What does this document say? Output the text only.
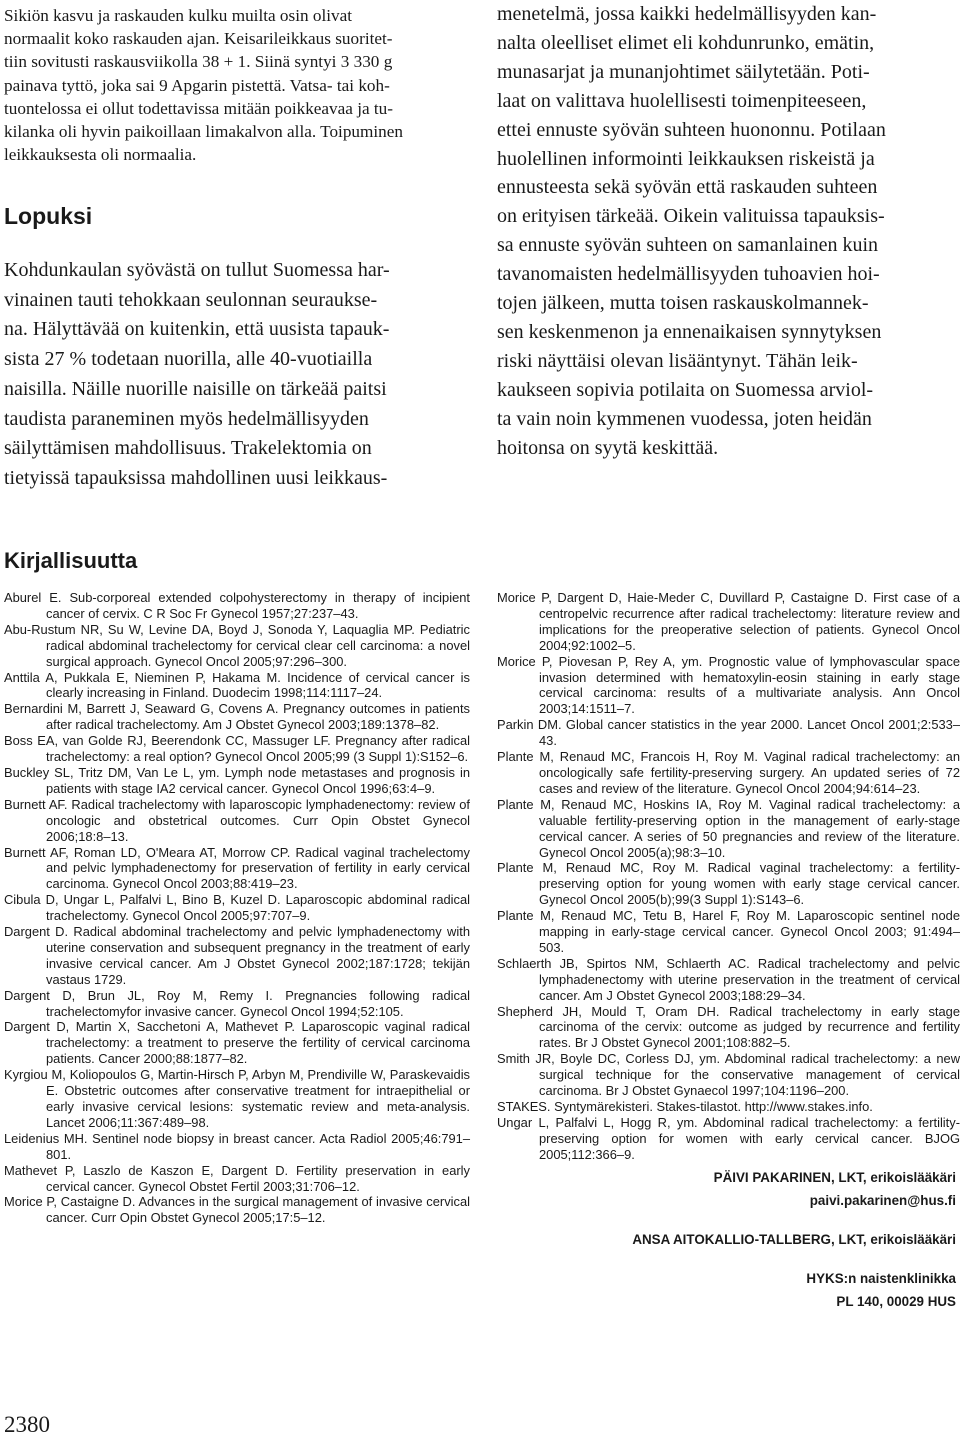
Sikiön kasvu ja raskauden kulku muilta osin olivat
normaalit koko raskauden ajan. Keisarileikkaus suoritet-
tiin sovitusti raskausviikolla 38 + 1. Siinä syntyi 3 330 g
painava tyttö, joka sai 9 Apgarin pistettä. Vatsa- tai koh-
tuontelossa ei ollut todettavissa mitään poikkeavaa ja tu-
kilanka oli hyvin paikoillaan limakalvon alla. Toipuminen
leikkauksesta oli normaalia.
Lopuksi
Kohdunkaulan syövästä on tullut Suomessa har-
vinainen tauti tehokkaan seulonnan seuraukse-
na. Hälyttävää on kuitenkin, että uusista tapauk-
sista 27 % todetaan nuorilla, alle 40-vuotiailla
naisilla. Näille nuorille naisille on tärkeää paitsi
taudista paraneminen myös hedelmällisyyden
säilyttämisen mahdollisuus. Trakelektomia on
tietyissä tapauksissa mahdollinen uusi leikkaus-
menetelmä, jossa kaikki hedelmällisyyden kan-
nalta oleelliset elimet eli kohdunrunko, emätin,
munasarjat ja munanjohtimet säilytetään. Poti-
laat on valittava huolellisesti toimenpiteeseen,
ettei ennuste syövän suhteen huononnu. Potilaan
huolellinen informointi leikkauksen riskeistä ja
ennusteesta sekä syövän että raskauden suhteen
on erityisen tärkeää. Oikein valituissa tapauksis-
sa ennuste syövän suhteen on samanlainen kuin
tavanomaisten hedelmällisyyden tuhoavien hoi-
tojen jälkeen, mutta toisen raskauskolmannek-
sen keskenmenon ja ennenaikaisen synnytyksen
riski näyttäisi olevan lisääntynyt. Tähän leik-
kaukseen sopivia potilaita on Suomessa arviol-
ta vain noin kymmenen vuodessa, joten heidän
hoitonsa on syytä keskittää.
Kirjallisuutta

Aburel E. Sub-corporeal extended colpohysterectomy in therapy of incipient cancer of cervix. C R Soc Fr Gynecol 1957;27:237–43.

Abu-Rustum NR, Su W, Levine DA, Boyd J, Sonoda Y, Laquaglia MP. Pediatric radical abdominal trachelectomy for cervical clear cell carcinoma: a novel surgical approach. Gynecol Oncol 2005;97:296–300.

Anttila A, Pukkala E, Nieminen P, Hakama M. Incidence of cervical cancer is clearly increasing in Finland. Duodecim 1998;114:1117–24.

Bernardini M, Barrett J, Seaward G, Covens A. Pregnancy outcomes in patients after radical trachelectomy. Am J Obstet Gynecol 2003;189:1378–82.

Boss EA, van Golde RJ, Beerendonk CC, Massuger LF. Pregnancy after radical trachelectomy: a real option? Gynecol Oncol 2005;99 (3 Suppl 1):S152–6.

Buckley SL, Tritz DM, Van Le L, ym. Lymph node metastases and prognosis in patients with stage IA2 cervical cancer. Gynecol Oncol 1996;63:4–9.

Burnett AF. Radical trachelectomy with laparoscopic lymphadenectomy: review of oncologic and obstetrical outcomes. Curr Opin Obstet Gynecol 2006;18:8–13.

Burnett AF, Roman LD, O'Meara AT, Morrow CP. Radical vaginal trachelectomy and pelvic lymphadenectomy for preservation of fertility in early cervical carcinoma. Gynecol Oncol 2003;88:419–23.

Cibula D, Ungar L, Palfalvi L, Bino B, Kuzel D. Laparoscopic abdominal radical trachelectomy. Gynecol Oncol 2005;97:707–9.

Dargent D. Radical abdominal trachelectomy and pelvic lymphadenectomy with uterine conservation and subsequent pregnancy in the treatment of early invasive cervical cancer. Am J Obstet Gynecol 2002;187:1728; tekijän vastaus 1729.

Dargent D, Brun JL, Roy M, Remy I. Pregnancies following radical trachelectomyfor invasive cancer. Gynecol Oncol 1994;52:105.

Dargent D, Martin X, Sacchetoni A, Mathevet P. Laparoscopic vaginal radical trachelectomy: a treatment to preserve the fertility of cervical carcinoma patients. Cancer 2000;88:1877–82.

Kyrgiou M, Koliopoulos G, Martin-Hirsch P, Arbyn M, Prendiville W, Paraskevaidis E. Obstetric outcomes after conservative treatment for intraepithelial or early invasive cervical lesions: systematic review and meta-analysis. Lancet 2006;11:367:489–98.

Leidenius MH. Sentinel node biopsy in breast cancer. Acta Radiol 2005;46:791–801.

Mathevet P, Laszlo de Kaszon E, Dargent D. Fertility preservation in early cervical cancer. Gynecol Obstet Fertil 2003;31:706–12.

Morice P, Castaigne D. Advances in the surgical management of invasive cervical cancer. Curr Opin Obstet Gynecol 2005;17:5–12.

Morice P, Dargent D, Haie-Meder C, Duvillard P, Castaigne D. First case of a centropelvic recurrence after radical trachelectomy: literature review and implications for the preoperative selection of patients. Gynecol Oncol 2004;92:1002–5.

Morice P, Piovesan P, Rey A, ym. Prognostic value of lymphovascular space invasion determined with hematoxylin-eosin staining in early stage cervical carcinoma: results of a multivariate analysis. Ann Oncol 2003;14:1511–7.

Parkin DM. Global cancer statistics in the year 2000. Lancet Oncol 2001;2:533–43.

Plante M, Renaud MC, Francois H, Roy M. Vaginal radical trachelectomy: an oncologically safe fertility-preserving surgery. An updated series of 72 cases and review of the literature. Gynecol Oncol 2004;94:614–23.

Plante M, Renaud MC, Hoskins IA, Roy M. Vaginal radical trachelectomy: a valuable fertility-preserving option in the management of early-stage cervical cancer. A series of 50 pregnancies and review of the literature. Gynecol Oncol 2005(a);98:3–10.

Plante M, Renaud MC, Roy M. Radical vaginal trachelectomy: a fertility-preserving option for young women with early stage cervical cancer. Gynecol Oncol 2005(b);99(3 Suppl 1):S143–6.

Plante M, Renaud MC, Tetu B, Harel F, Roy M. Laparoscopic sentinel node mapping in early-stage cervical cancer. Gynecol Oncol 2003; 91:494–503.

Schlaerth JB, Spirtos NM, Schlaerth AC. Radical trachelectomy and pelvic lymphadenectomy with uterine preservation in the treatment of cervical cancer. Am J Obstet Gynecol 2003;188:29–34.

Shepherd JH, Mould T, Oram DH. Radical trachelectomy in early stage carcinoma of the cervix: outcome as judged by recurrence and fertility rates. Br J Obstet Gynecol 2001;108:882–5.

Smith JR, Boyle DC, Corless DJ, ym. Abdominal radical trachelectomy: a new surgical technique for the conservative management of cervical carcinoma. Br J Obstet Gynaecol 1997;104:1196–200.

STAKES. Syntymärekisteri. Stakes-tilastot. http://www.stakes.info.

Ungar L, Palfalvi L, Hogg R, ym. Abdominal radical trachelectomy: a fertility-preserving option for women with early cervical cancer. BJOG 2005;112:366–9.

PÄIVI PAKARINEN, LKT, erikoislääkäri
paivi.pakarinen@hus.fi
ANSA AITOKALLIO-TALLBERG, LKT, erikoislääkäri
HYKS:n naistenklinikka
PL 140, 00029 HUS
2380
